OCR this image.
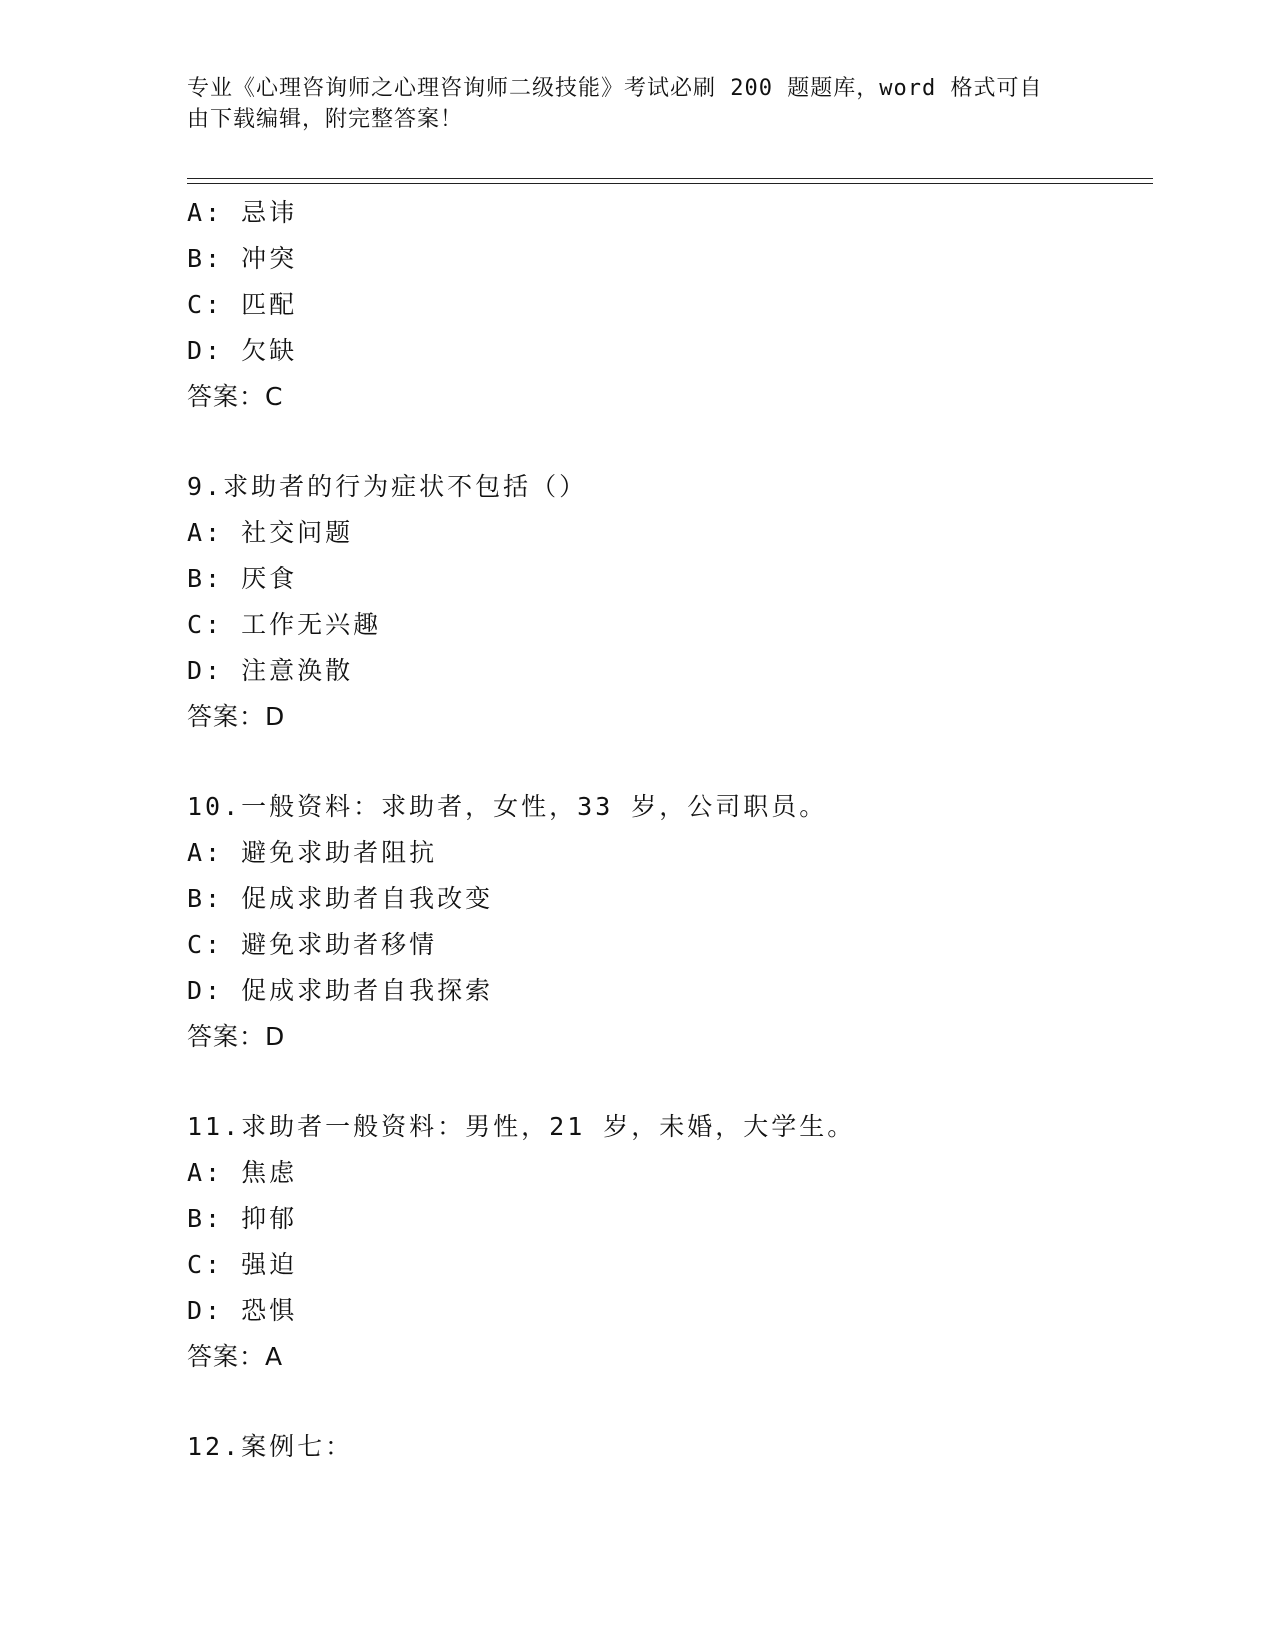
专业《心理咨询师之心理咨询师二级技能》考试必刷 200 题题库，word 格式可自
由下载编辑，附完整答案！
A: 忌讳
B: 冲突
C: 匹配
D: 欠缺
答案：C
9.求助者的行为症状不包括（）
A: 社交问题
B: 厌食
C: 工作无兴趣
D: 注意涣散
答案：D
10.一般资料：求助者，女性，33 岁，公司职员。
A: 避免求助者阻抗
B: 促成求助者自我改变
C: 避免求助者移情
D: 促成求助者自我探索
答案：D
11.求助者一般资料：男性，21 岁，未婚，大学生。
A: 焦虑
B: 抑郁
C: 强迫
D: 恐惧
答案：A
12.案例七：
